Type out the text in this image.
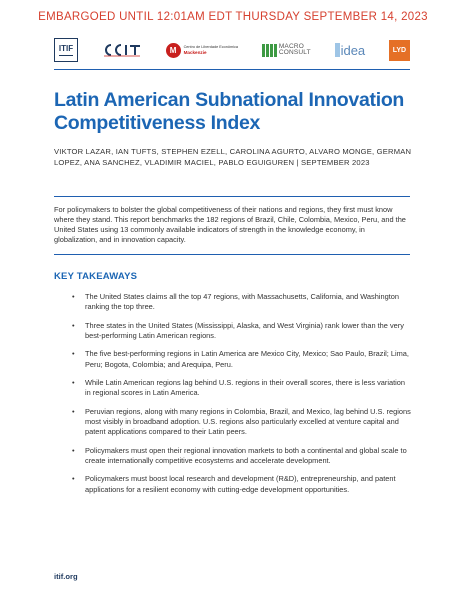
EMBARGOED UNTIL 12:01AM EDT THURSDAY SEPTEMBER 14, 2023
ITIF	M	Centro de Liberdade Econômica
Mackenzie
MACRO
CONSULT idea	LYD
Latin American Subnational Innovation Competitiveness Index
VIKTOR LAZAR, IAN TUFTS, STEPHEN EZELL, CAROLINA AGURTO, ALVARO MONGE, GERMAN LOPEZ, ANA SANCHEZ, VLADIMIR MACIEL, PABLO EGUIGUREN | SEPTEMBER 2023

For policymakers to bolster the global competitiveness of their nations and regions, they first must know where they stand. This report benchmarks the 182 regions of Brazil, Chile, Colombia, Mexico, Peru, and the United States using 13 commonly available indicators of strength in the knowledge economy, in globalization, and in innovation capacity.

KEY TAKEAWAYS
• The United States claims all the top 47 regions, with Massachusetts, California, and Washington ranking the top three.
• Three states in the United States (Mississippi, Alaska, and West Virginia) rank lower than the very best-performing Latin American regions.
• The five best-performing regions in Latin America are Mexico City, Mexico; Sao Paulo, Brazil; Lima, Peru; Bogota, Colombia; and Arequipa, Peru.
• While Latin American regions lag behind U.S. regions in their overall scores, there is less variation in regional scores in Latin America.
• Peruvian regions, along with many regions in Colombia, Brazil, and Mexico, lag behind U.S. regions most visibly in broadband adoption. U.S. regions also particularly excelled at venture capital and patent applications compared to their Latin peers.
• Policymakers must open their regional innovation markets to both a continental and global scale to create internationally competitive ecosystems and accelerate development.
• Policymakers must boost local research and development (R&D), entrepreneurship, and patent applications for a resilient economy with cutting-edge development opportunities.
itif.org
